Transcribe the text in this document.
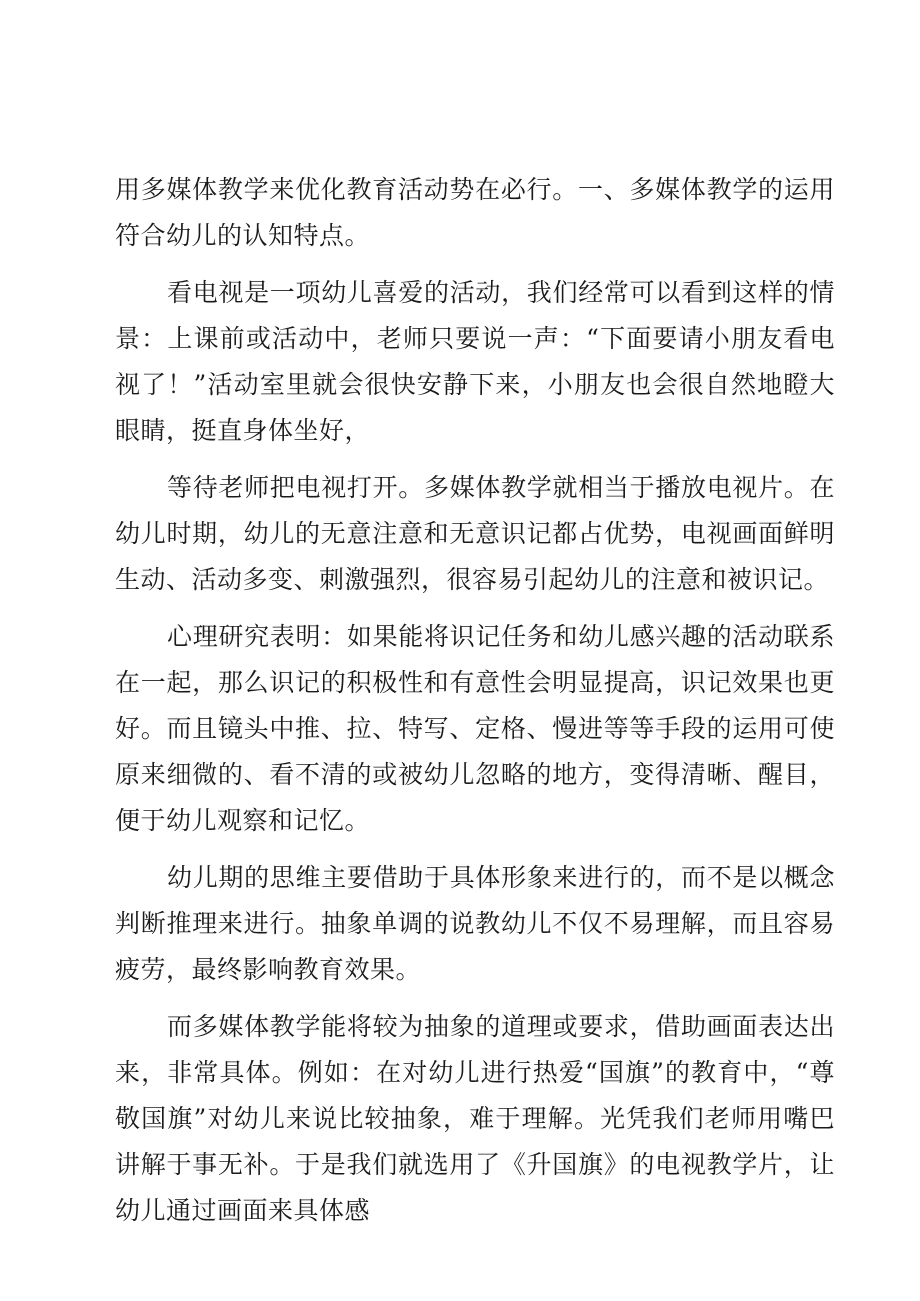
用多媒体教学来优化教育活动势在必行。一、多媒体教学的运用符合幼儿的认知特点。

看电视是一项幼儿喜爱的活动，我们经常可以看到这样的情景：上课前或活动中，老师只要说一声：“下面要请小朋友看电视了！”活动室里就会很快安静下来，小朋友也会很自然地瞪大眼睛，挺直身体坐好，

等待老师把电视打开。多媒体教学就相当于播放电视片。在幼儿时期，幼儿的无意注意和无意识记都占优势，电视画面鲜明生动、活动多变、刺激强烈，很容易引起幼儿的注意和被识记。

心理研究表明：如果能将识记任务和幼儿感兴趣的活动联系在一起，那么识记的积极性和有意性会明显提高，识记效果也更好。而且镜头中推、拉、特写、定格、慢进等等手段的运用可使原来细微的、看不清的或被幼儿忽略的地方，变得清晰、醒目，便于幼儿观察和记忆。

幼儿期的思维主要借助于具体形象来进行的，而不是以概念判断推理来进行。抽象单调的说教幼儿不仅不易理解，而且容易疲劳，最终影响教育效果。

而多媒体教学能将较为抽象的道理或要求，借助画面表达出来，非常具体。例如：在对幼儿进行热爱“国旗”的教育中，“尊敬国旗”对幼儿来说比较抽象，难于理解。光凭我们老师用嘴巴讲解于事无补。于是我们就选用了《升国旗》的电视教学片，让幼儿通过画面来具体感
